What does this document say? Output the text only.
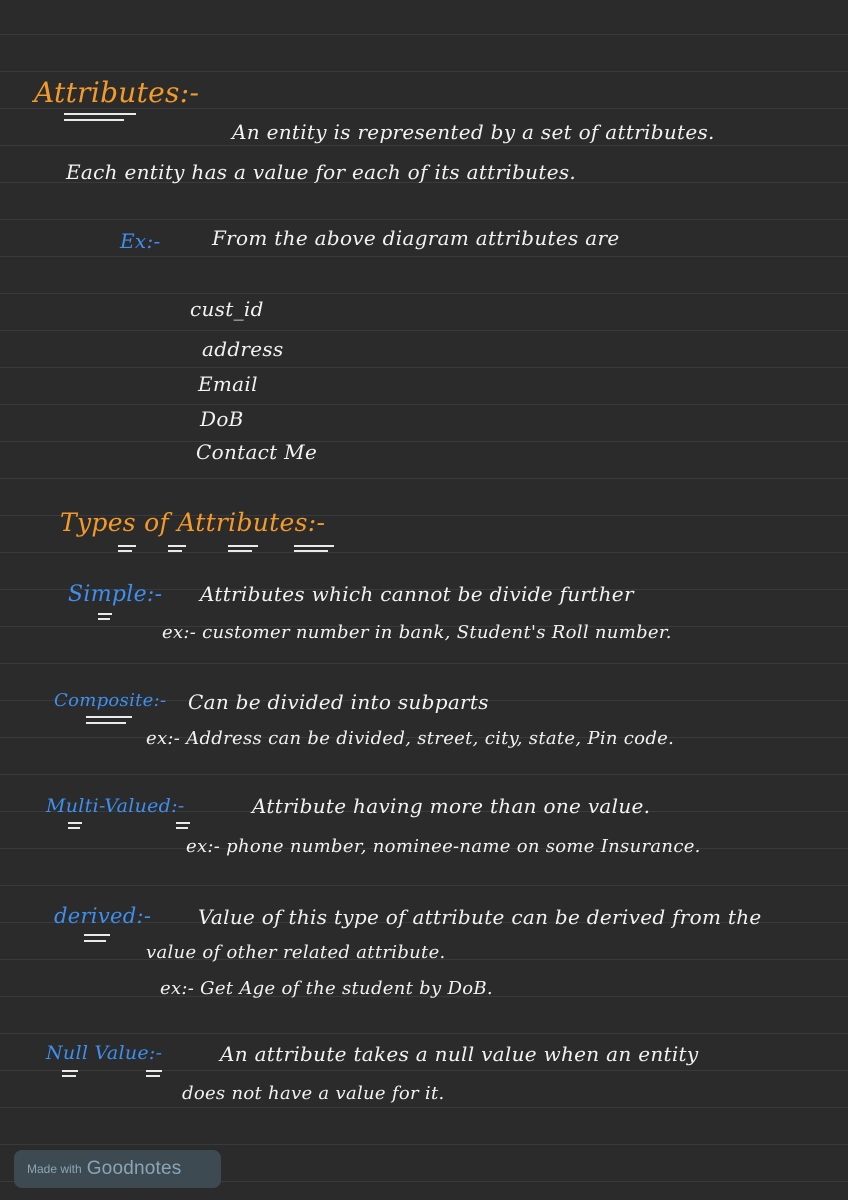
Attributes:-
An entity is represented by a set of attributes.
Each entity has a value for each of its attributes.
Ex:-	From the above diagram attributes are
cust_id
address
Email
DoB
Contact Me
Types of Attributes:-
Simple:- Attributes which cannot be divide further
ex:- customer number in bank, Student's Roll number.
Composite:- Can be divided into subparts
ex:- Address can be divided, street, city, state, Pin code.
Multi-Valued:-	Attribute having more than one value.
ex:- phone number, nominee-name on some Insurance.
derived:- Value of this type of attribute can be derived from the
value of other related attribute.
ex:- Get Age of the student by DoB.
Null Value:-	An attribute takes a null value when an entity
does not have a value for it.
Made with Goodnotes
